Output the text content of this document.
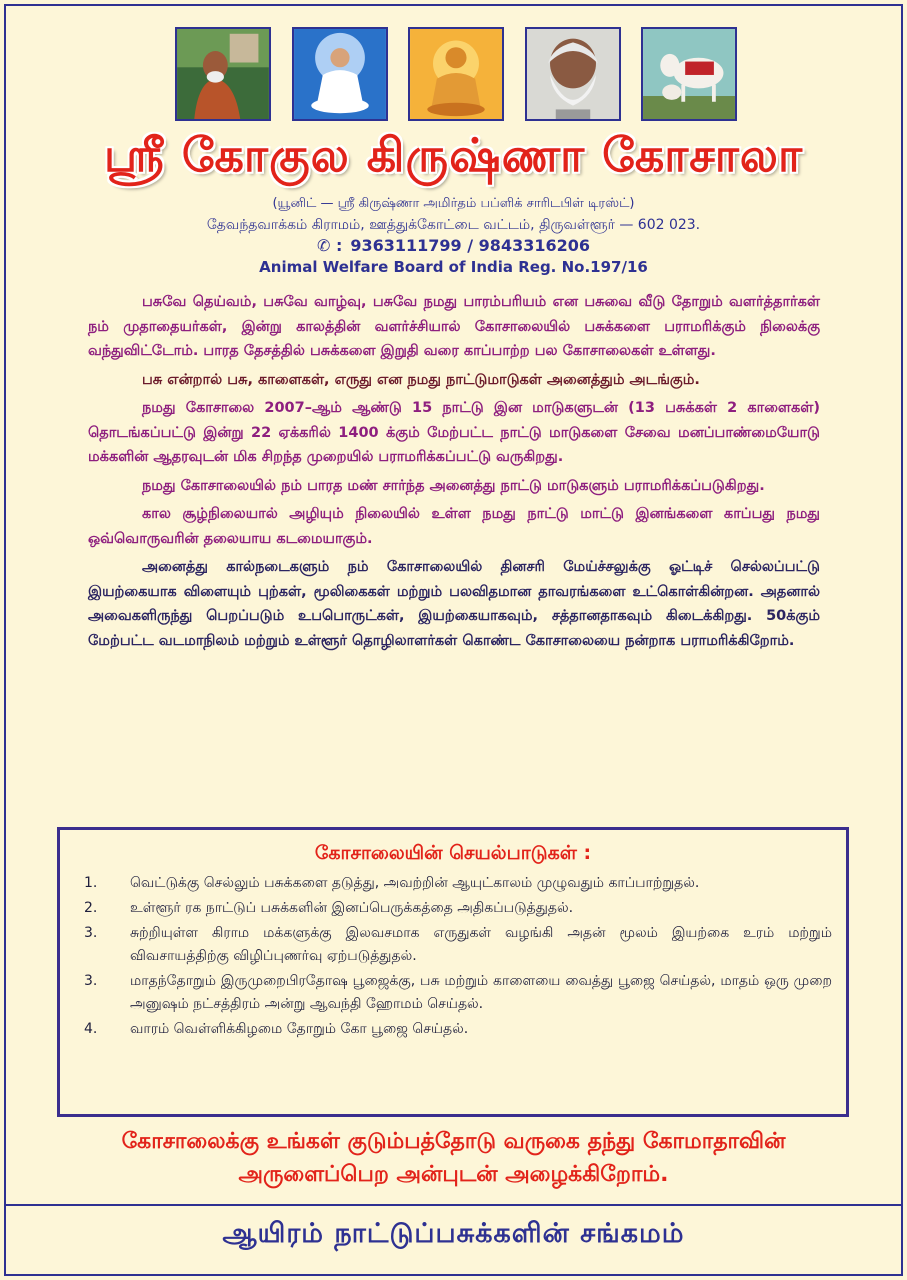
ஸ்ரீ கோகுல கிருஷ்ணா கோசாலா
(யூனிட் — ஸ்ரீ கிருஷ்ணா அமிர்தம் பப்ளிக் சாரிடபிள் டிரஸ்ட்)
தேவந்தவாக்கம் கிராமம், ஊத்துக்கோட்டை வட்டம், திருவள்ளூர் — 602 023.
✆ : 9363111799 / 9843316206
Animal Welfare Board of India Reg. No.197/16

பசுவே தெய்வம், பசுவே வாழ்வு, பசுவே நமது பாரம்பரியம் என பசுவை வீடு தோறும் வளர்த்தார்கள் நம் முதாதையர்கள், இன்று காலத்தின் வளர்ச்சியால் கோசாலையில் பசுக்களை பராமரிக்கும் நிலைக்கு வந்துவிட்டோம். பாரத தேசத்தில் பசுக்களை இறுதி வரை காப்பாற்ற பல கோசாலைகள் உள்ளது.

பசு என்றால் பசு, காளைகள், எருது என நமது நாட்டுமாடுகள் அனைத்தும் அடங்கும்.

நமது கோசாலை 2007–ஆம் ஆண்டு 15 நாட்டு இன மாடுகளுடன் (13 பசுக்கள் 2 காளைகள்) தொடங்கப்பட்டு இன்று 22 ஏக்கரில் 1400 க்கும் மேற்பட்ட நாட்டு மாடுகளை சேவை மனப்பாண்மையோடு மக்களின் ஆதரவுடன் மிக சிறந்த முறையில் பராமரிக்கப்பட்டு வருகிறது.

நமது கோசாலையில் நம் பாரத மண் சார்ந்த அனைத்து நாட்டு மாடுகளும் பராமரிக்கப்படுகிறது.

கால சூழ்நிலையால் அழியும் நிலையில் உள்ள நமது நாட்டு மாட்டு இனங்களை காப்பது நமது ஒவ்வொருவரின் தலையாய கடமையாகும்.

அனைத்து கால்நடைகளும் நம் கோசாலையில் தினசரி மேய்ச்சலுக்கு ஓட்டிச் செல்லப்பட்டு இயற்கையாக விளையும் புற்கள், மூலிகைகள் மற்றும் பலவிதமான தாவரங்களை உட்கொள்கின்றன. அதனால் அவைகளிருந்து பெறப்படும் உபபொருட்கள், இயற்கையாகவும், சத்தானதாகவும் கிடைக்கிறது. 50க்கும் மேற்பட்ட வடமாநிலம் மற்றும் உள்ளூர் தொழிலாளர்கள் கொண்ட கோசாலையை நன்றாக பராமரிக்கிறோம்.

கோசாலையின் செயல்பாடுகள் :
1.	வெட்டுக்கு செல்லும் பசுக்களை தடுத்து, அவற்றின் ஆயுட்காலம் முழுவதும் காப்பாற்றுதல்.
2.	உள்ளூர் ரக நாட்டுப் பசுக்களின் இனப்பெருக்கத்தை அதிகப்படுத்துதல்.
3.	சுற்றியுள்ள கிராம மக்களுக்கு இலவசமாக எருதுகள் வழங்கி அதன் மூலம் இயற்கை உரம் மற்றும் விவசாயத்திற்கு விழிப்புணர்வு ஏற்படுத்துதல்.
3.	மாதந்தோறும் இருமுறைபிரதோஷ பூஜைக்கு, பசு மற்றும் காளையை வைத்து பூஜை செய்தல், மாதம் ஒரு முறை அனுஷம் நட்சத்திரம் அன்று ஆவந்தி ஹோமம் செய்தல்.
4.	வாரம் வெள்ளிக்கிழமை தோறும் கோ பூஜை செய்தல்.
கோசாலைக்கு உங்கள் குடும்பத்தோடு வருகை தந்து கோமாதாவின்
அருளைப்பெற அன்புடன் அழைக்கிறோம்.
ஆயிரம் நாட்டுப்பசுக்களின் சங்கமம்
